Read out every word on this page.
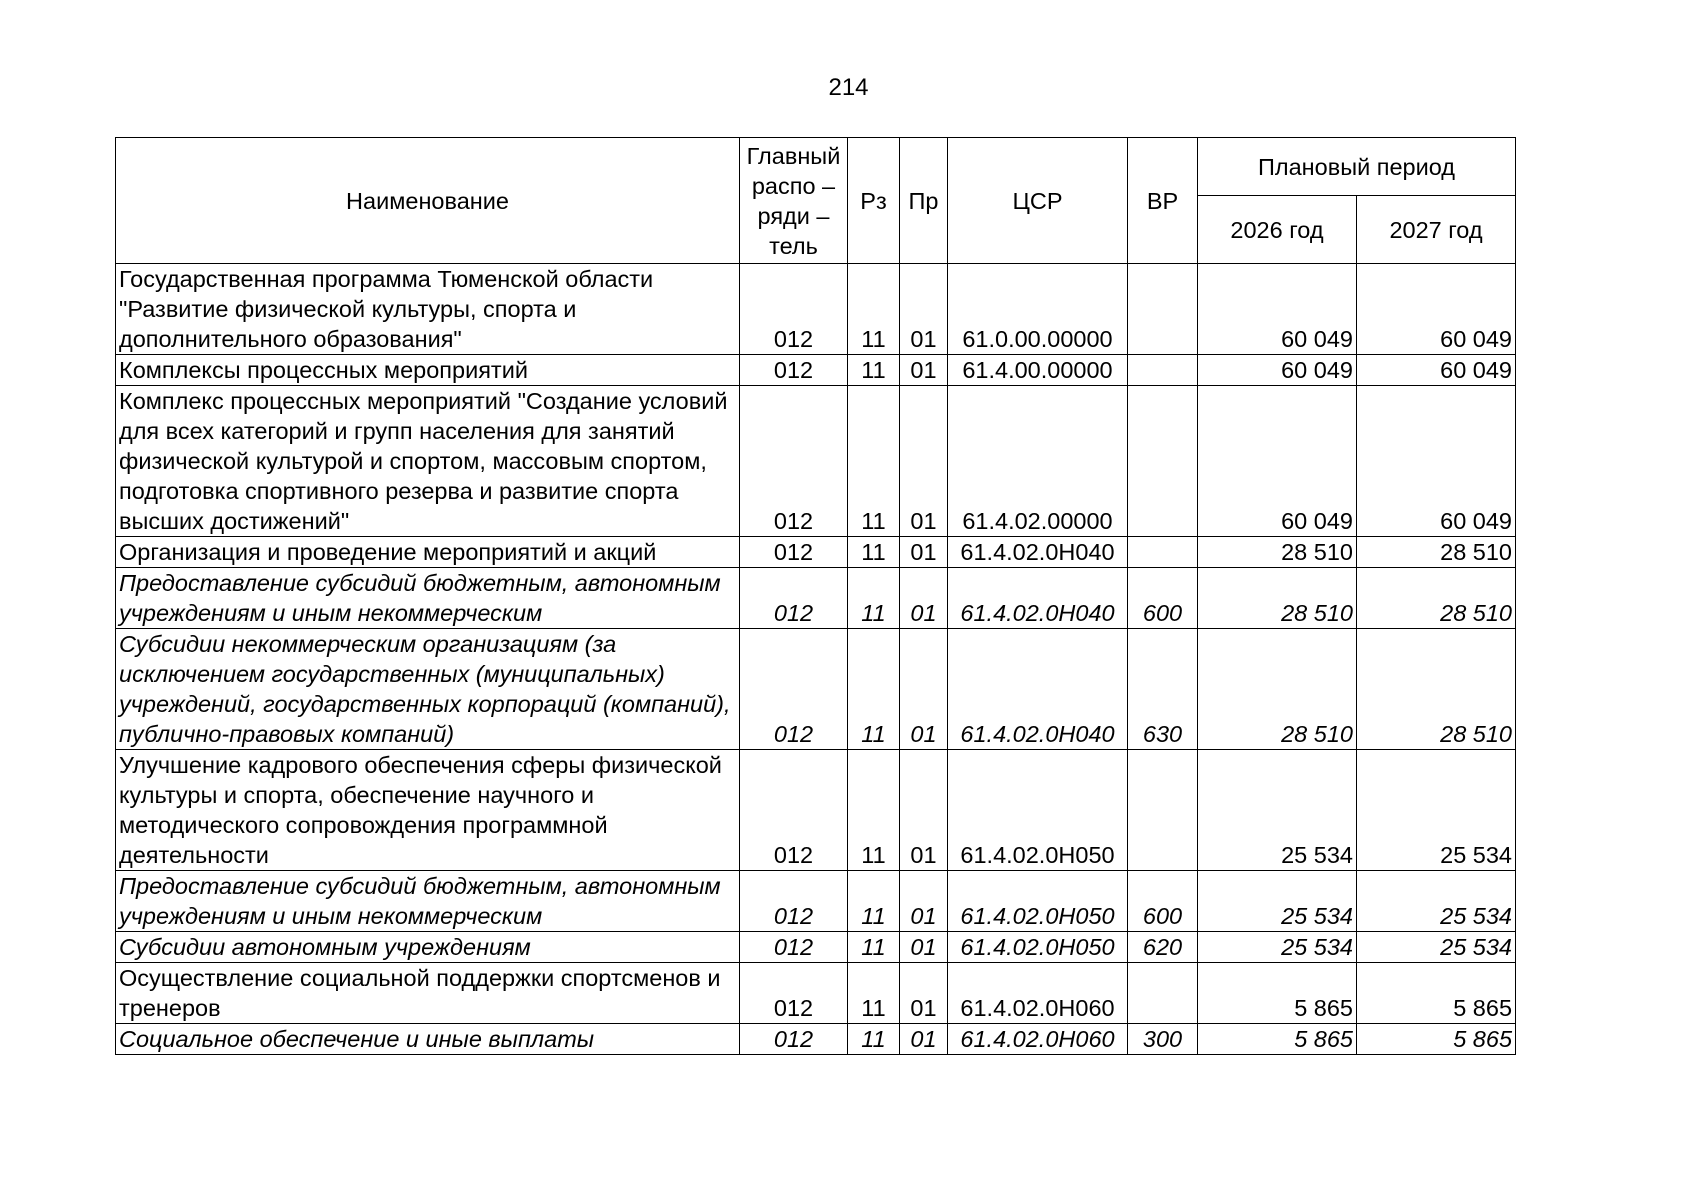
214
Наименование	Главный распо – ряди – тель	Рз	Пр	ЦСР	ВР	Плановый период	
						2026 год	2027 год
Государственная программа Тюменской области "Развитие физической культуры, спорта и дополнительного образования"	012	11	01	61.0.00.00000		60 049	60 049
Комплексы процессных мероприятий	012	11	01	61.4.00.00000		60 049	60 049
Комплекс процессных мероприятий "Создание условий для всех категорий и групп населения для занятий физической культурой и спортом, массовым спортом, подготовка спортивного резерва и развитие спорта высших достижений"	012	11	01	61.4.02.00000		60 049	60 049
Организация и проведение мероприятий и акций	012	11	01	61.4.02.0Н040		28 510	28 510
Предоставление субсидий бюджетным, автономным учреждениям и иным некоммерческим	012	11	01	61.4.02.0Н040	600	28 510	28 510
Субсидии некоммерческим организациям (за исключением государственных (муниципальных) учреждений, государственных корпораций (компаний), публично-правовых компаний)	012	11	01	61.4.02.0Н040	630	28 510	28 510
Улучшение кадрового обеспечения сферы физической культуры и спорта, обеспечение научного и методического сопровождения программной деятельности	012	11	01	61.4.02.0Н050		25 534	25 534
Предоставление субсидий бюджетным, автономным учреждениям и иным некоммерческим	012	11	01	61.4.02.0Н050	600	25 534	25 534
Субсидии автономным учреждениям	012	11	01	61.4.02.0Н050	620	25 534	25 534
Осуществление социальной поддержки спортсменов и тренеров	012	11	01	61.4.02.0Н060		5 865	5 865
Социальное обеспечение и иные выплаты	012	11	01	61.4.02.0Н060	300	5 865	5 865
